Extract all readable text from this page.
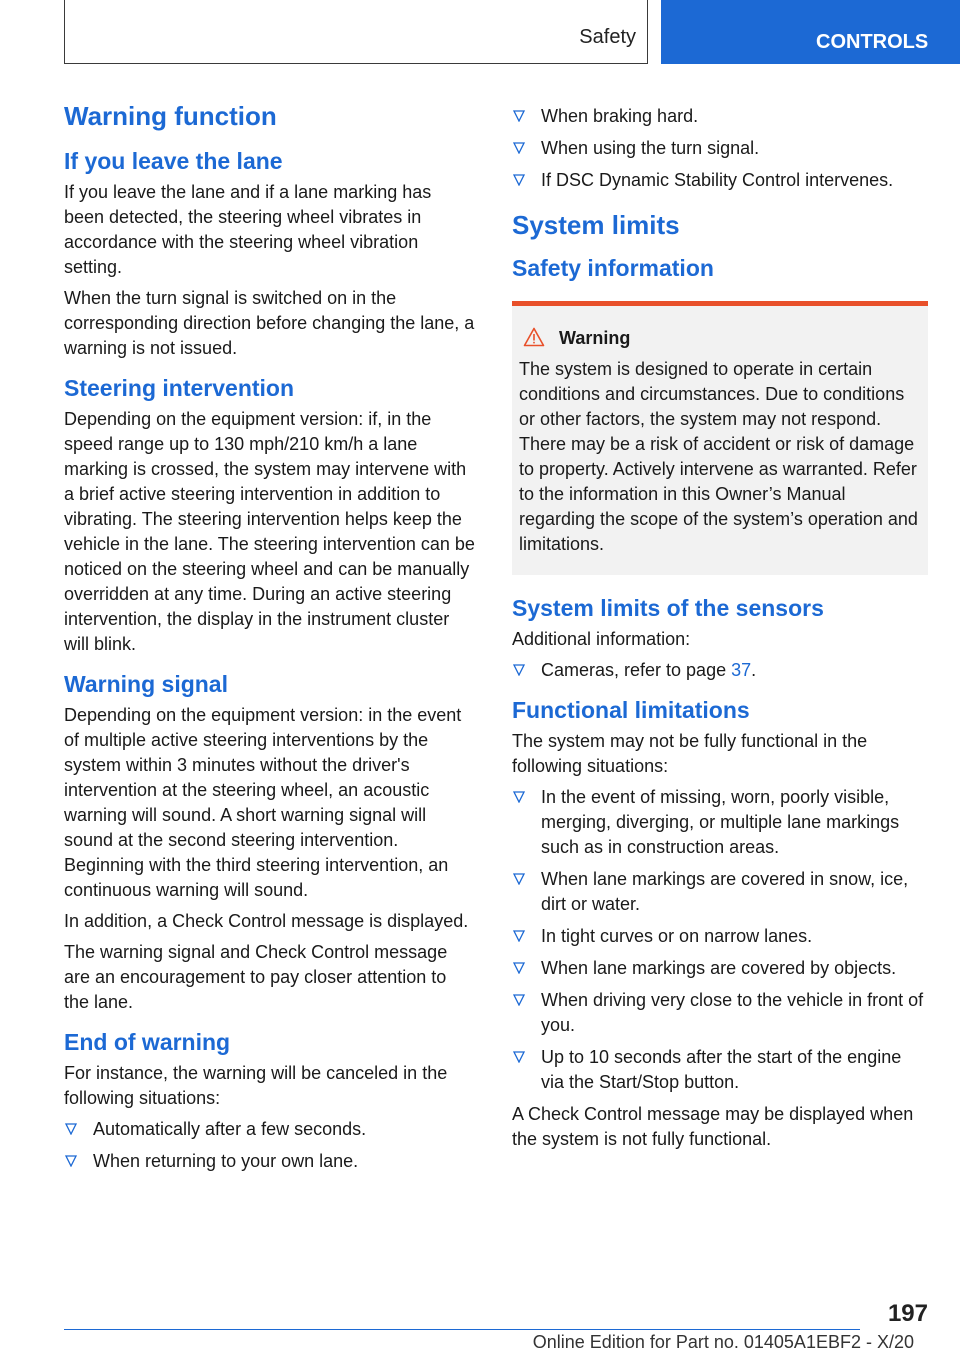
Safety	CONTROLS
Warning function
If you leave the lane

If you leave the lane and if a lane marking has been detected, the steering wheel vibrates in accordance with the steering wheel vibration setting.

When the turn signal is switched on in the corresponding direction before changing the lane, a warning is not issued.

Steering intervention

Depending on the equipment version: if, in the speed range up to 130 mph/210 km/h a lane marking is crossed, the system may intervene with a brief active steering intervention in addition to vibrating. The steering intervention helps keep the vehicle in the lane. The steering intervention can be noticed on the steering wheel and can be manually overridden at any time. During an active steering intervention, the display in the instrument cluster will blink.

Warning signal

Depending on the equipment version: in the event of multiple active steering interventions by the system within 3 minutes without the driver's intervention at the steering wheel, an acoustic warning will sound. A short warning signal will sound at the second steering intervention. Beginning with the third steering intervention, an continuous warning will sound.

In addition, a Check Control message is displayed.

The warning signal and Check Control message are an encouragement to pay closer attention to the lane.

End of warning

For instance, the warning will be canceled in the following situations:

Automatically after a few seconds.
When returning to your own lane.
When braking hard.
When using the turn signal.
If DSC Dynamic Stability Control intervenes.
System limits
Safety information
Warning

The system is designed to operate in certain conditions and circumstances. Due to conditions or other factors, the system may not respond. There may be a risk of accident or risk of damage to property. Actively intervene as warranted. Refer to the information in this Owner’s Manual regarding the scope of the system’s operation and limitations.

System limits of the sensors

Additional information:

Cameras, refer to page 37.
Functional limitations

The system may not be fully functional in the following situations:

In the event of missing, worn, poorly visible, merging, diverging, or multiple lane markings such as in construction areas.
When lane markings are covered in snow, ice, dirt or water.
In tight curves or on narrow lanes.
When lane markings are covered by objects.
When driving very close to the vehicle in front of you.
Up to 10 seconds after the start of the engine via the Start/Stop button.

A Check Control message may be displayed when the system is not fully functional.

197
Online Edition for Part no. 01405A1EBF2 - X/20
